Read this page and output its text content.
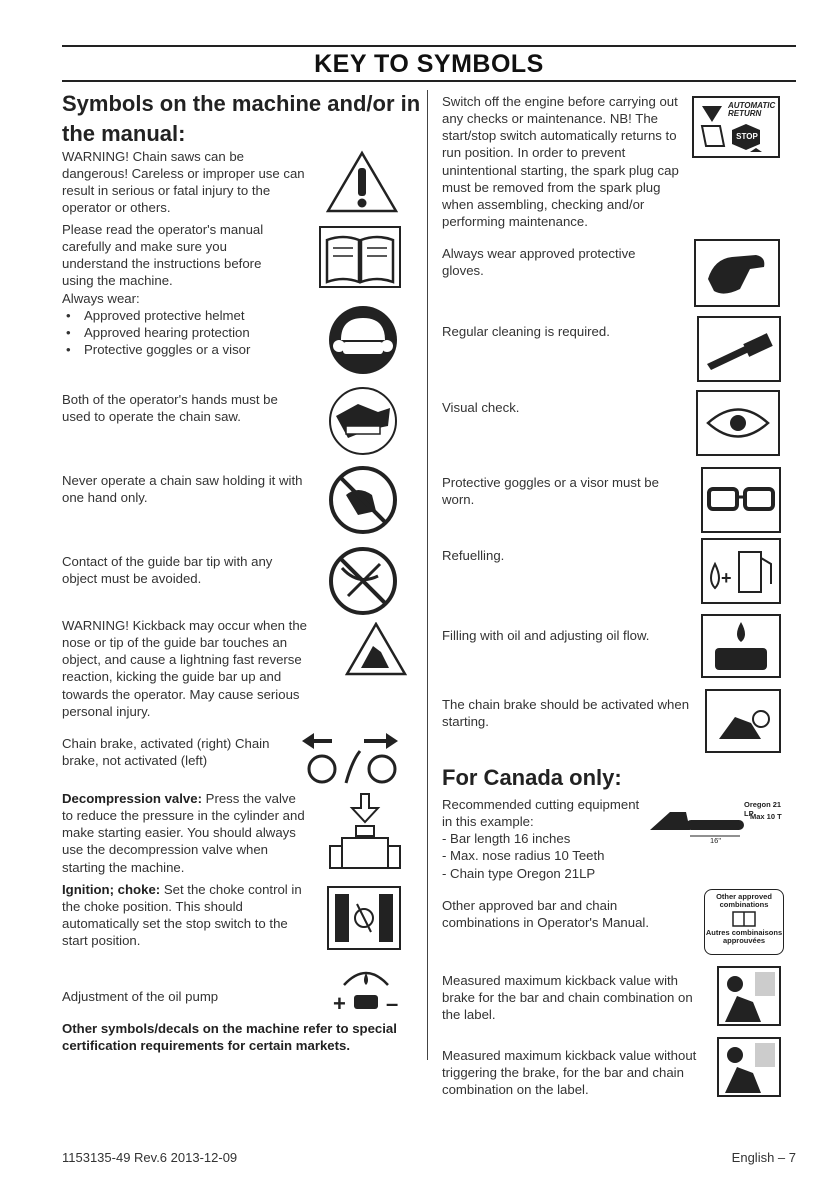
KEY TO SYMBOLS
Symbols on the machine and/or in the manual:
WARNING! Chain saws can be dangerous! Careless or improper use can result in serious or fatal injury to the operator or others.
Please read the operator's manual carefully and make sure you understand the instructions before using the machine.

Always wear:

• Approved protective helmet
• Approved hearing protection
• Protective goggles or a visor
Both of the operator's hands must be used to operate the chain saw.
Never operate a chain saw holding it with one hand only.
Contact of the guide bar tip with any object must be avoided.
WARNING! Kickback may occur when the nose or tip of the guide bar touches an object, and cause a lightning fast reverse reaction, kicking the guide bar up and towards the operator. May cause serious personal injury.
Chain brake, activated (right) Chain brake, not activated (left)
Decompression valve: Press the valve to reduce the pressure in the cylinder and make starting easier. You should always use the decompression valve when starting the machine.
Ignition; choke: Set the choke control in the choke position. This should automatically set the stop switch to the start position.
Adjustment of the oil pump	+ –
Other symbols/decals on the machine refer to special certification requirements for certain markets.
Switch off the engine before carrying out any checks or maintenance. NB! The start/stop switch automatically returns to run position. In order to prevent unintentional starting, the spark plug cap must be removed from the spark plug when assembling, checking and/or performing maintenance.
AUTOMATIC RETURN
STOP
Always wear approved protective gloves.
Regular cleaning is required.
Visual check.
Protective goggles or a visor must be worn.
Refuelling.
+
Filling with oil and adjusting oil flow.
The chain brake should be activated when starting.
For Canada only:

Recommended cutting equipment in this example:

- Bar length 16 inches

- Max. nose radius 10 Teeth

- Chain type Oregon 21LP

Oregon 21 LP
Max 10 T
16"
Other approved bar and chain combinations in Operator's Manual.
Other approved combinations
Autres combinaisons approuvées
Measured maximum kickback value with brake for the bar and chain combination on the label.
Measured maximum kickback value without triggering the brake, for the bar and chain combination on the label.
1153135-49 Rev.6 2013-12-09	English – 7
